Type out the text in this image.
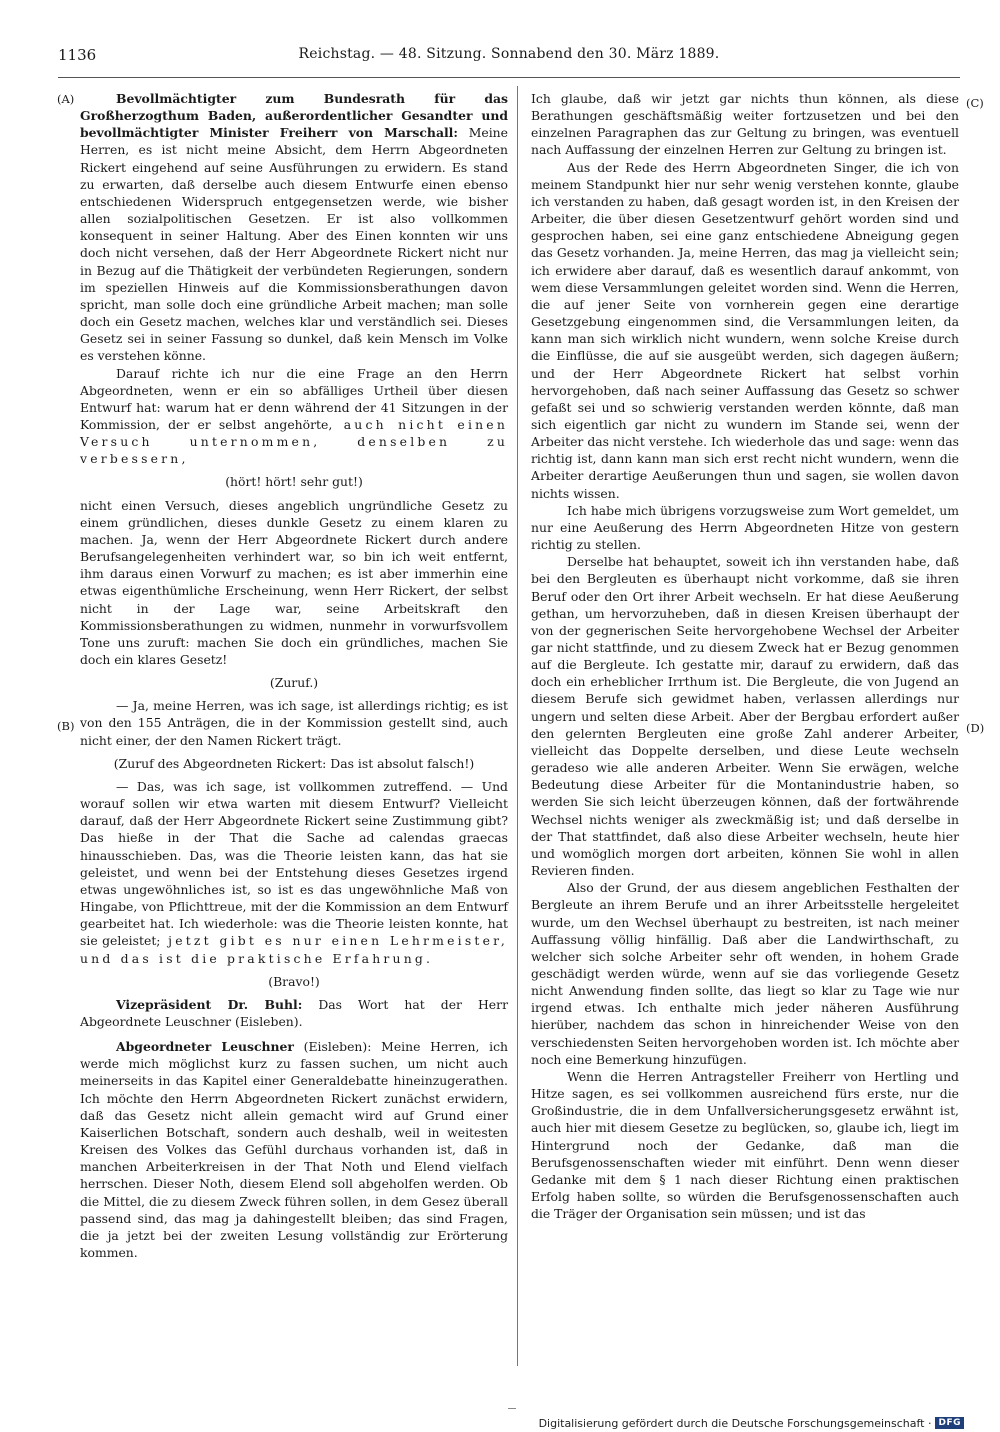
1136	Reichstag. — 48. Sitzung. Sonnabend den 30. März 1889.
(A)
(B)
(C)
(D)

Bevollmächtigter zum Bundesrath für das Großherzogthum Baden, außerordentlicher Gesandter und bevollmächtigter Minister Freiherr von Marschall: Meine Herren, es ist nicht meine Absicht, dem Herrn Abgeordneten Rickert eingehend auf seine Ausführungen zu erwidern. Es stand zu erwarten, daß derselbe auch diesem Entwurfe einen ebenso entschiedenen Widerspruch entgegensetzen werde, wie bisher allen sozialpolitischen Gesetzen. Er ist also vollkommen konsequent in seiner Haltung. Aber des Einen konnten wir uns doch nicht versehen, daß der Herr Abgeordnete Rickert nicht nur in Bezug auf die Thätigkeit der verbündeten Regierungen, sondern im speziellen Hinweis auf die Kommissionsberathungen davon spricht, man solle doch eine gründliche Arbeit machen; man solle doch ein Gesetz machen, welches klar und verständlich sei. Dieses Gesetz sei in seiner Fassung so dunkel, daß kein Mensch im Volke es verstehen könne.

Darauf richte ich nur die eine Frage an den Herrn Abgeordneten, wenn er ein so abfälliges Urtheil über diesen Entwurf hat: warum hat er denn während der 41 Sitzungen in der Kommission, der er selbst angehörte, auch nicht einen Versuch unternommen, denselben zu verbessern,

(hört! hört! sehr gut!)

nicht einen Versuch, dieses angeblich ungründliche Gesetz zu einem gründlichen, dieses dunkle Gesetz zu einem klaren zu machen. Ja, wenn der Herr Abgeordnete Rickert durch andere Berufsangelegenheiten verhindert war, so bin ich weit entfernt, ihm daraus einen Vorwurf zu machen; es ist aber immerhin eine etwas eigenthümliche Erscheinung, wenn Herr Rickert, der selbst nicht in der Lage war, seine Arbeitskraft den Kommissionsberathungen zu widmen, nunmehr in vorwurfsvollem Tone uns zuruft: machen Sie doch ein gründliches, machen Sie doch ein klares Gesetz!

(Zuruf.)

— Ja, meine Herren, was ich sage, ist allerdings richtig; es ist von den 155 Anträgen, die in der Kommission gestellt sind, auch nicht einer, der den Namen Rickert trägt.

(Zuruf des Abgeordneten Rickert: Das ist absolut falsch!)

— Das, was ich sage, ist vollkommen zutreffend. — Und worauf sollen wir etwa warten mit diesem Entwurf? Vielleicht darauf, daß der Herr Abgeordnete Rickert seine Zustimmung gibt? Das hieße in der That die Sache ad calendas graecas hinausschieben. Das, was die Theorie leisten kann, das hat sie geleistet, und wenn bei der Entstehung dieses Gesetzes irgend etwas ungewöhnliches ist, so ist es das ungewöhnliche Maß von Hingabe, von Pflichttreue, mit der die Kommission an dem Entwurf gearbeitet hat. Ich wiederhole: was die Theorie leisten konnte, hat sie geleistet; jetzt gibt es nur einen Lehrmeister, und das ist die praktische Erfahrung.

(Bravo!)

Vizepräsident Dr. Buhl: Das Wort hat der Herr Abgeordnete Leuschner (Eisleben).

Abgeordneter Leuschner (Eisleben): Meine Herren, ich werde mich möglichst kurz zu fassen suchen, um nicht auch meinerseits in das Kapitel einer Generaldebatte hineinzugerathen. Ich möchte den Herrn Abgeordneten Rickert zunächst erwidern, daß das Gesetz nicht allein gemacht wird auf Grund einer Kaiserlichen Botschaft, sondern auch deshalb, weil in weitesten Kreisen des Volkes das Gefühl durchaus vorhanden ist, daß in manchen Arbeiterkreisen in der That Noth und Elend vielfach herrschen. Dieser Noth, diesem Elend soll abgeholfen werden. Ob die Mittel, die zu diesem Zweck führen sollen, in dem Gesez überall passend sind, das mag ja dahingestellt bleiben; das sind Fragen, die ja jetzt bei der zweiten Lesung vollständig zur Erörterung kommen.

Ich glaube, daß wir jetzt gar nichts thun können, als diese Berathungen geschäftsmäßig weiter fortzusetzen und bei den einzelnen Paragraphen das zur Geltung zu bringen, was eventuell nach Auffassung der einzelnen Herren zur Geltung zu bringen ist.

Aus der Rede des Herrn Abgeordneten Singer, die ich von meinem Standpunkt hier nur sehr wenig verstehen konnte, glaube ich verstanden zu haben, daß gesagt worden ist, in den Kreisen der Arbeiter, die über diesen Gesetzentwurf gehört worden sind und gesprochen haben, sei eine ganz entschiedene Abneigung gegen das Gesetz vorhanden. Ja, meine Herren, das mag ja vielleicht sein; ich erwidere aber darauf, daß es wesentlich darauf ankommt, von wem diese Versammlungen geleitet worden sind. Wenn die Herren, die auf jener Seite von vornherein gegen eine derartige Gesetzgebung eingenommen sind, die Versammlungen leiten, da kann man sich wirklich nicht wundern, wenn solche Kreise durch die Einflüsse, die auf sie ausgeübt werden, sich dagegen äußern; und der Herr Abgeordnete Rickert hat selbst vorhin hervorgehoben, daß nach seiner Auffassung das Gesetz so schwer gefaßt sei und so schwierig verstanden werden könnte, daß man sich eigentlich gar nicht zu wundern im Stande sei, wenn der Arbeiter das nicht verstehe. Ich wiederhole das und sage: wenn das richtig ist, dann kann man sich erst recht nicht wundern, wenn die Arbeiter derartige Aeußerungen thun und sagen, sie wollen davon nichts wissen.

Ich habe mich übrigens vorzugsweise zum Wort gemeldet, um nur eine Aeußerung des Herrn Abgeordneten Hitze von gestern richtig zu stellen.

Derselbe hat behauptet, soweit ich ihn verstanden habe, daß bei den Bergleuten es überhaupt nicht vorkomme, daß sie ihren Beruf oder den Ort ihrer Arbeit wechseln. Er hat diese Aeußerung gethan, um hervorzuheben, daß in diesen Kreisen überhaupt der von der gegnerischen Seite hervorgehobene Wechsel der Arbeiter gar nicht stattfinde, und zu diesem Zweck hat er Bezug genommen auf die Bergleute. Ich gestatte mir, darauf zu erwidern, daß das doch ein erheblicher Irrthum ist. Die Bergleute, die von Jugend an diesem Berufe sich gewidmet haben, verlassen allerdings nur ungern und selten diese Arbeit. Aber der Bergbau erfordert außer den gelernten Bergleuten eine große Zahl anderer Arbeiter, vielleicht das Doppelte derselben, und diese Leute wechseln geradeso wie alle anderen Arbeiter. Wenn Sie erwägen, welche Bedeutung diese Arbeiter für die Montanindustrie haben, so werden Sie sich leicht überzeugen können, daß der fortwährende Wechsel nichts weniger als zweckmäßig ist; und daß derselbe in der That stattfindet, daß also diese Arbeiter wechseln, heute hier und womöglich morgen dort arbeiten, können Sie wohl in allen Revieren finden.

Also der Grund, der aus diesem angeblichen Festhalten der Bergleute an ihrem Berufe und an ihrer Arbeitsstelle hergeleitet wurde, um den Wechsel überhaupt zu bestreiten, ist nach meiner Auffassung völlig hinfällig. Daß aber die Landwirthschaft, zu welcher sich solche Arbeiter sehr oft wenden, in hohem Grade geschädigt werden würde, wenn auf sie das vorliegende Gesetz nicht Anwendung finden sollte, das liegt so klar zu Tage wie nur irgend etwas. Ich enthalte mich jeder näheren Ausführung hierüber, nachdem das schon in hinreichender Weise von den verschiedensten Seiten hervorgehoben worden ist. Ich möchte aber noch eine Bemerkung hinzufügen.

Wenn die Herren Antragsteller Freiherr von Hertling und Hitze sagen, es sei vollkommen ausreichend fürs erste, nur die Großindustrie, die in dem Unfallversicherungsgesetz erwähnt ist, auch hier mit diesem Gesetze zu beglücken, so, glaube ich, liegt im Hintergrund noch der Gedanke, daß man die Berufsgenossenschaften wieder mit einführt. Denn wenn dieser Gedanke mit dem § 1 nach dieser Richtung einen praktischen Erfolg haben sollte, so würden die Berufsgenossenschaften auch die Träger der Organisation sein müssen; und ist das

Digitalisierung gefördert durch die Deutsche Forschungsgemeinschaft · DFG
